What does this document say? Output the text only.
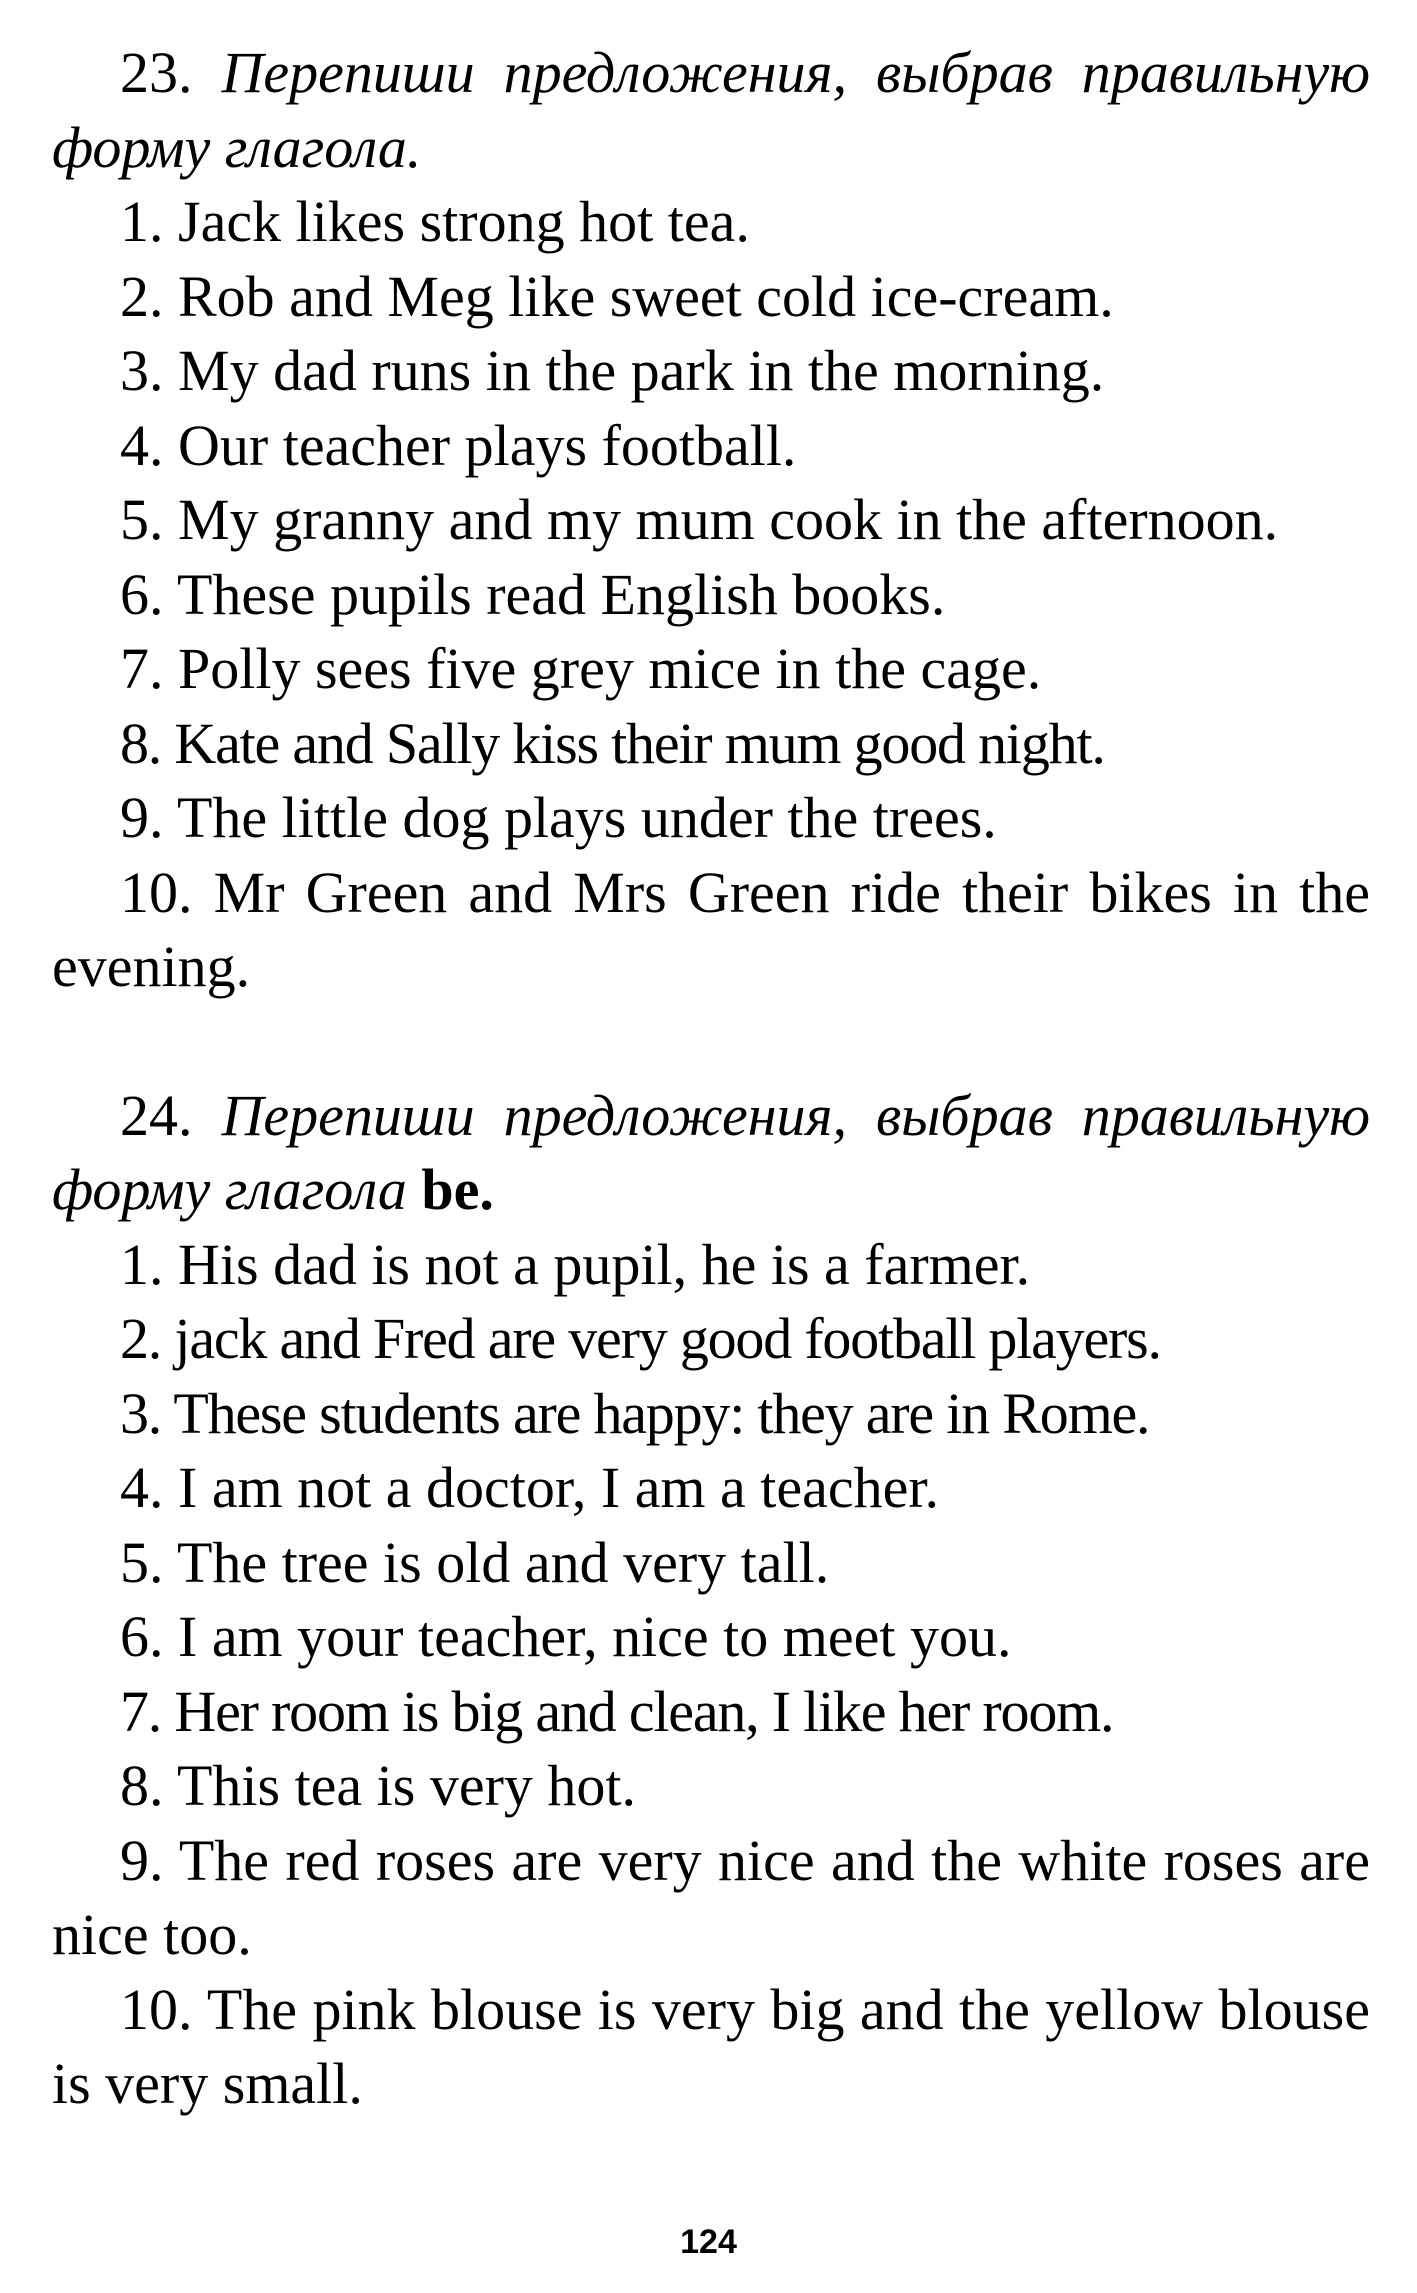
23. Перепиши предложения, выбрав правильную форму глагола.

1. Jack likes strong hot tea.

2. Rob and Meg like sweet cold ice-cream.

3. My dad runs in the park in the morning.

4. Our teacher plays football.

5. My granny and my mum cook in the afternoon.

6. These pupils read English books.

7. Polly sees five grey mice in the cage.

8. Kate and Sally kiss their mum good night.

9. The little dog plays under the trees.

10. Mr Green and Mrs Green ride their bikes in the evening.

24. Перепиши предложения, выбрав правильную форму глагола be.

1. His dad is not a pupil, he is a farmer.

2. jack and Fred are very good football players.

3. These students are happy: they are in Rome.

4. I am not a doctor, I am a teacher.

5. The tree is old and very tall.

6. I am your teacher, nice to meet you.

7. Her room is big and clean, I like her room.

8. This tea is very hot.

9. The red roses are very nice and the white roses are nice too.

10. The pink blouse is very big and the yellow blouse is very small.

124
